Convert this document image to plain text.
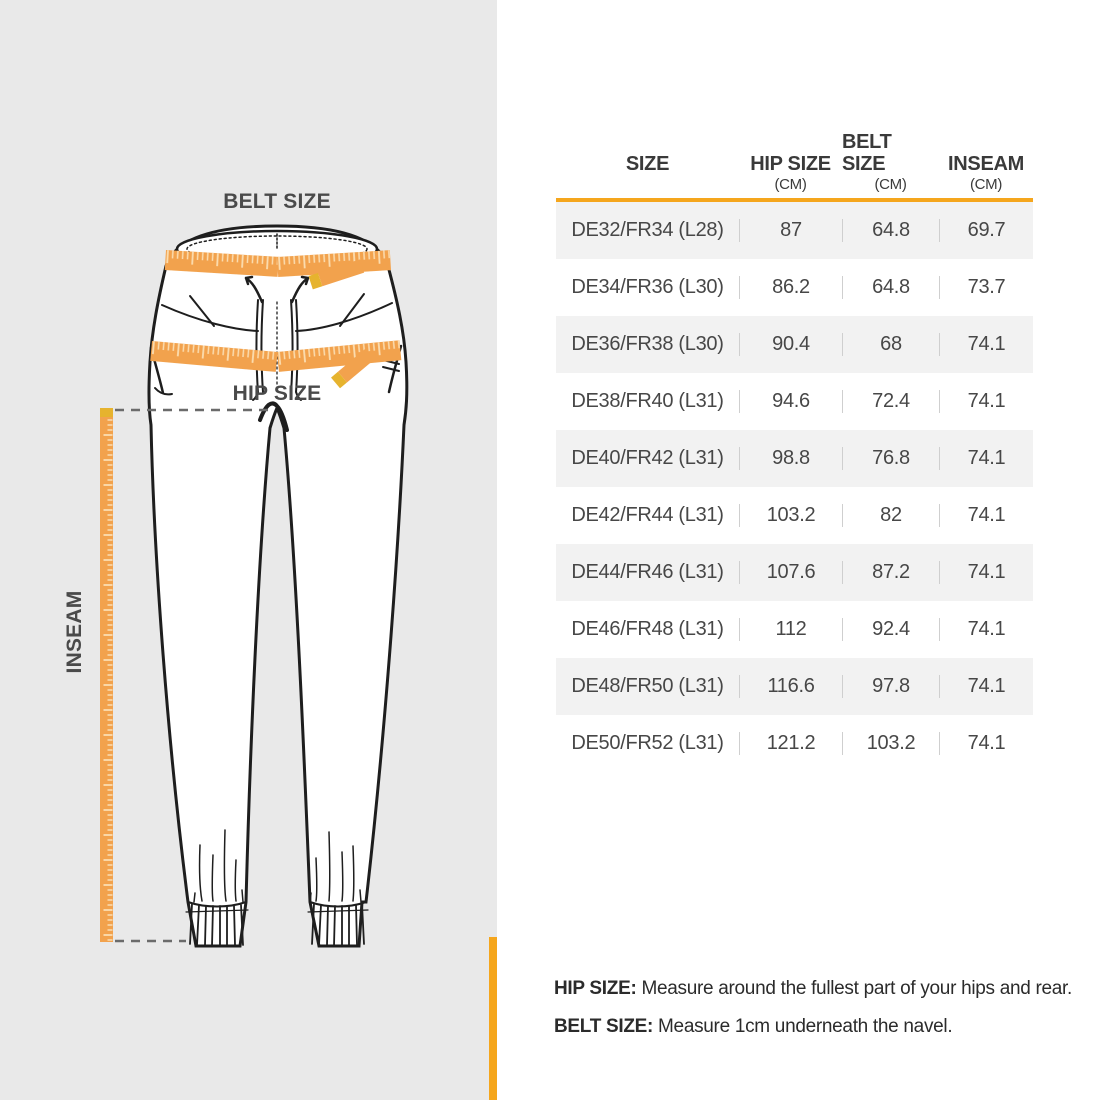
BELT SIZE
HIP SIZE
INSEAM
SIZE	HIP SIZE
(CM)
BELT SIZE
(CM)
INSEAM
(CM)
DE32/FR34 (L28)	87	64.8	69.7
DE34/FR36 (L30)	86.2	64.8	73.7
DE36/FR38 (L30)	90.4	68	74.1
DE38/FR40 (L31)	94.6	72.4	74.1
DE40/FR42 (L31)	98.8	76.8	74.1
DE42/FR44 (L31)	103.2	82	74.1
DE44/FR46 (L31)	107.6	87.2	74.1
DE46/FR48 (L31)	112	92.4	74.1
DE48/FR50 (L31)	116.6	97.8	74.1
DE50/FR52 (L31)	121.2	103.2	74.1
HIP SIZE: Measure around the fullest part of your hips and rear.
BELT SIZE: Measure 1cm underneath the navel.
